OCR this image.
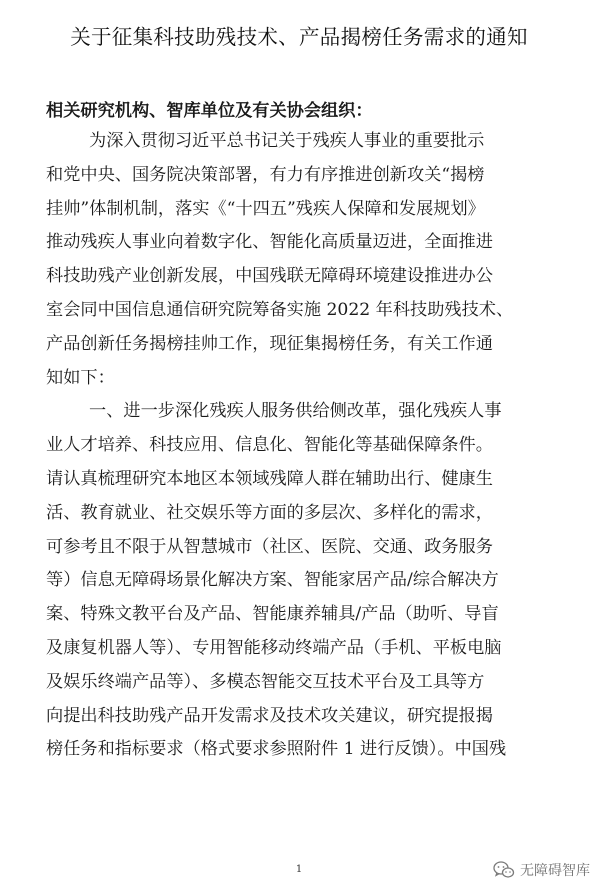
关于征集科技助残技术、产品揭榜任务需求的通知
相关研究机构、智库单位及有关协会组织：
为深入贯彻习近平总书记关于残疾人事业的重要批示
和党中央、国务院决策部署，有力有序推进创新攻关“揭榜
挂帅”体制机制，落实《“十四五”残疾人保障和发展规划》
推动残疾人事业向着数字化、智能化高质量迈进，全面推进
科技助残产业创新发展，中国残联无障碍环境建设推进办公
室会同中国信息通信研究院筹备实施 2022 年科技助残技术、
产品创新任务揭榜挂帅工作，现征集揭榜任务，有关工作通
知如下：
一、进一步深化残疾人服务供给侧改革，强化残疾人事
业人才培养、科技应用、信息化、智能化等基础保障条件。
请认真梳理研究本地区本领域残障人群在辅助出行、健康生
活、教育就业、社交娱乐等方面的多层次、多样化的需求，
可参考且不限于从智慧城市（社区、医院、交通、政务服务
等）信息无障碍场景化解决方案、智能家居产品/综合解决方
案、特殊文教平台及产品、智能康养辅具/产品（助听、导盲
及康复机器人等）、专用智能移动终端产品（手机、平板电脑
及娱乐终端产品等）、多模态智能交互技术平台及工具等方
向提出科技助残产品开发需求及技术攻关建议，研究提报揭
榜任务和指标要求（格式要求参照附件 1 进行反馈）。中国残
1	无障碍智库
